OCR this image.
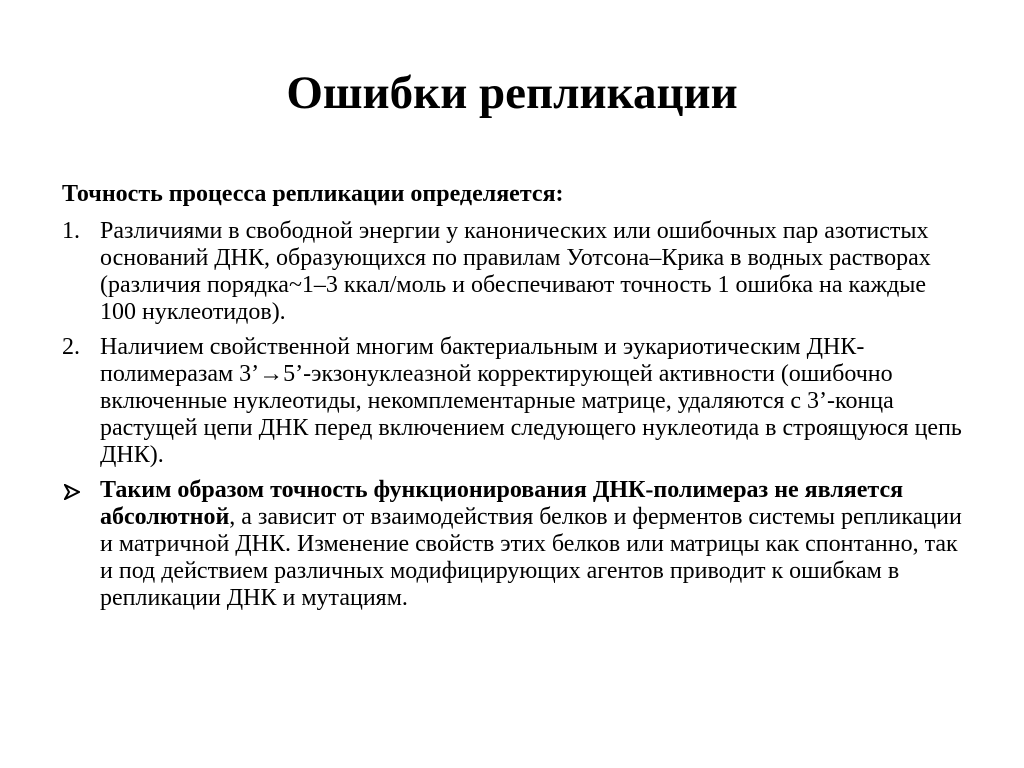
Ошибки репликации
Точность процесса репликации определяется:
1. Различиями в свободной энергии у канонических или ошибочных пар азотистых оснований ДНК, образующихся по правилам Уотсона–Крика в водных растворах (различия порядка~1–3 ккал/моль и обеспечивают точность 1 ошибка на каждые 100 нуклеотидов).
2. Наличием свойственной многим бактериальным и эукариотическим ДНК-полимеразам 3’→5’-экзонуклеазной корректирующей активности (ошибочно включенные нуклеотиды, некомплементарные матрице, удаляются с 3’-конца растущей цепи ДНК перед включением следующего нуклеотида в строящуюся цепь ДНК).
Таким образом точность функционирования ДНК-полимераз не является абсолютной, а зависит от взаимодействия белков и ферментов системы репликации и матричной ДНК. Изменение свойств этих белков или матрицы как спонтанно, так и под действием различных модифицирующих агентов приводит к ошибкам в репликации ДНК и мутациям.
